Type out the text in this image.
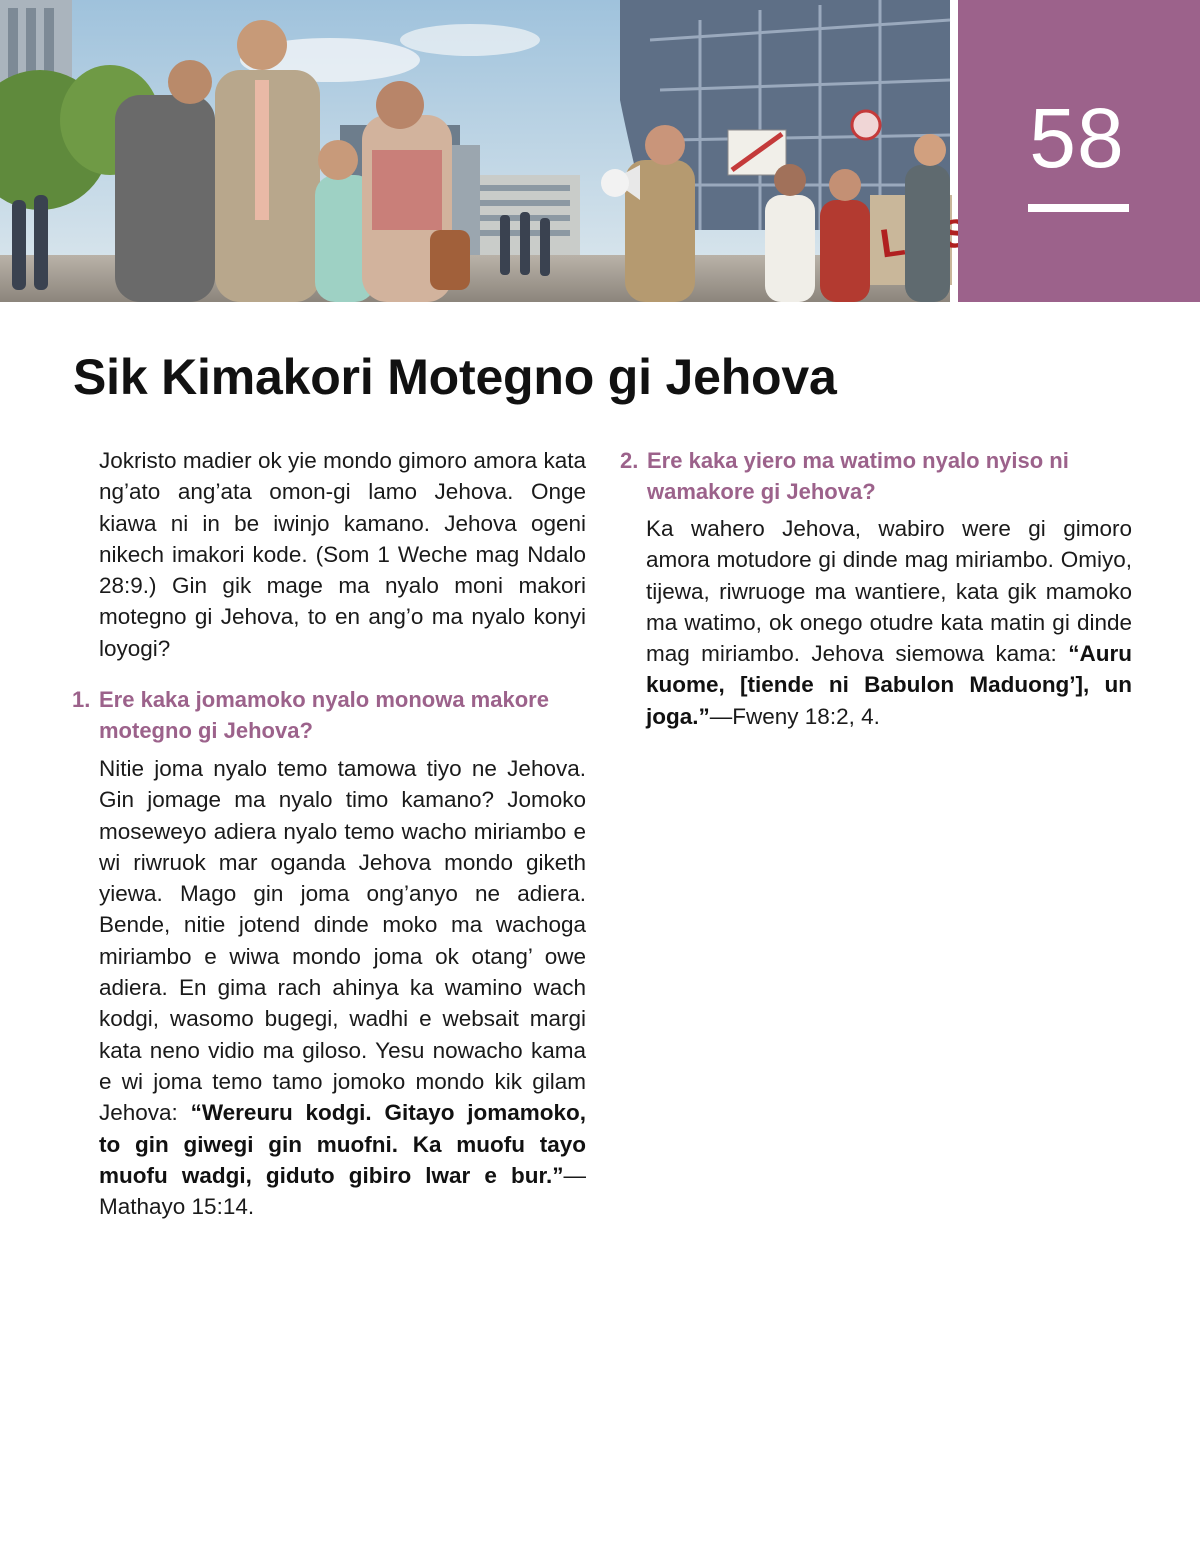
58
Sik Kimakori Motegno gi Jehova

Jokristo madier ok yie mondo gimoro amora kata ng’ato ang’ata omon-gi lamo Jehova. Onge kiawa ni in be iwinjo kamano. Jehova ogeni nikech imakori kode. (Som 1 Weche mag Ndalo 28:9.) Gin gik mage ma nyalo moni makori motegno gi Jehova, to en ang’o ma nyalo konyi loyogi?

1. Ere kaka jomamoko nyalo monowa makore motegno gi Jehova?

Nitie joma nyalo temo tamowa tiyo ne Jehova. Gin jomage ma nyalo timo kamano? Jomoko moseweyo adiera nyalo temo wacho miriambo e wi riwruok mar oganda Jehova mondo giketh yiewa. Mago gin joma ong’anyo ne adiera. Bende, nitie jotend dinde moko ma wachoga miriambo e wiwa mondo joma ok otang’ owe adiera. En gima rach ahinya ka wamino wach kodgi, wasomo bugegi, wadhi e websait margi kata neno vidio ma giloso. Yesu nowacho kama e wi joma temo tamo jomoko mondo kik gilam Jehova: “Wereuru kodgi. Gitayo jomamoko, to gin giwegi gin muofni. Ka muofu tayo muofu wadgi, giduto gibiro lwar e bur.”—Mathayo 15:14.

2. Ere kaka yiero ma watimo nyalo nyiso ni wamakore gi Jehova?

Ka wahero Jehova, wabiro were gi gimoro amora motudore gi dinde mag miriambo. Omiyo, tijewa, riwruoge ma wantiere, kata gik mamoko ma watimo, ok onego otudre kata matin gi dinde mag miriambo. Jehova siemowa kama: “Auru kuome, [tiende ni Babulon Maduong’], un joga.”—Fweny 18:2, 4.
